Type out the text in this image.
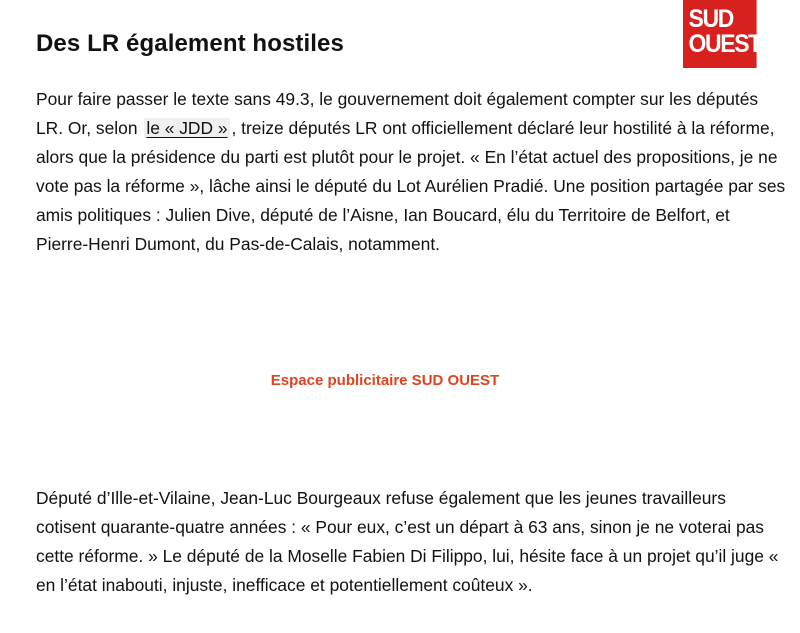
Des LR également hostiles
SUD
OUEST

Pour faire passer le texte sans 49.3, le gouvernement doit également compter sur les députés LR. Or, selon le « JDD » , treize députés LR ont officiellement déclaré leur hostilité à la réforme, alors que la présidence du parti est plutôt pour le projet. « En l’état actuel des propositions, je ne vote pas la réforme », lâche ainsi le député du Lot Aurélien Pradié. Une position partagée par ses amis politiques : Julien Dive, député de l’Aisne, Ian Boucard, élu du Territoire de Belfort, et Pierre-Henri Dumont, du Pas-de-Calais, notamment.

Espace publicitaire SUD OUEST

Député d’Ille-et-Vilaine, Jean-Luc Bourgeaux refuse également que les jeunes travailleurs cotisent quarante-quatre années : « Pour eux, c’est un départ à 63 ans, sinon je ne voterai pas cette réforme. » Le député de la Moselle Fabien Di Filippo, lui, hésite face à un projet qu’il juge « en l’état inabouti, injuste, inefficace et potentiellement coûteux ».
